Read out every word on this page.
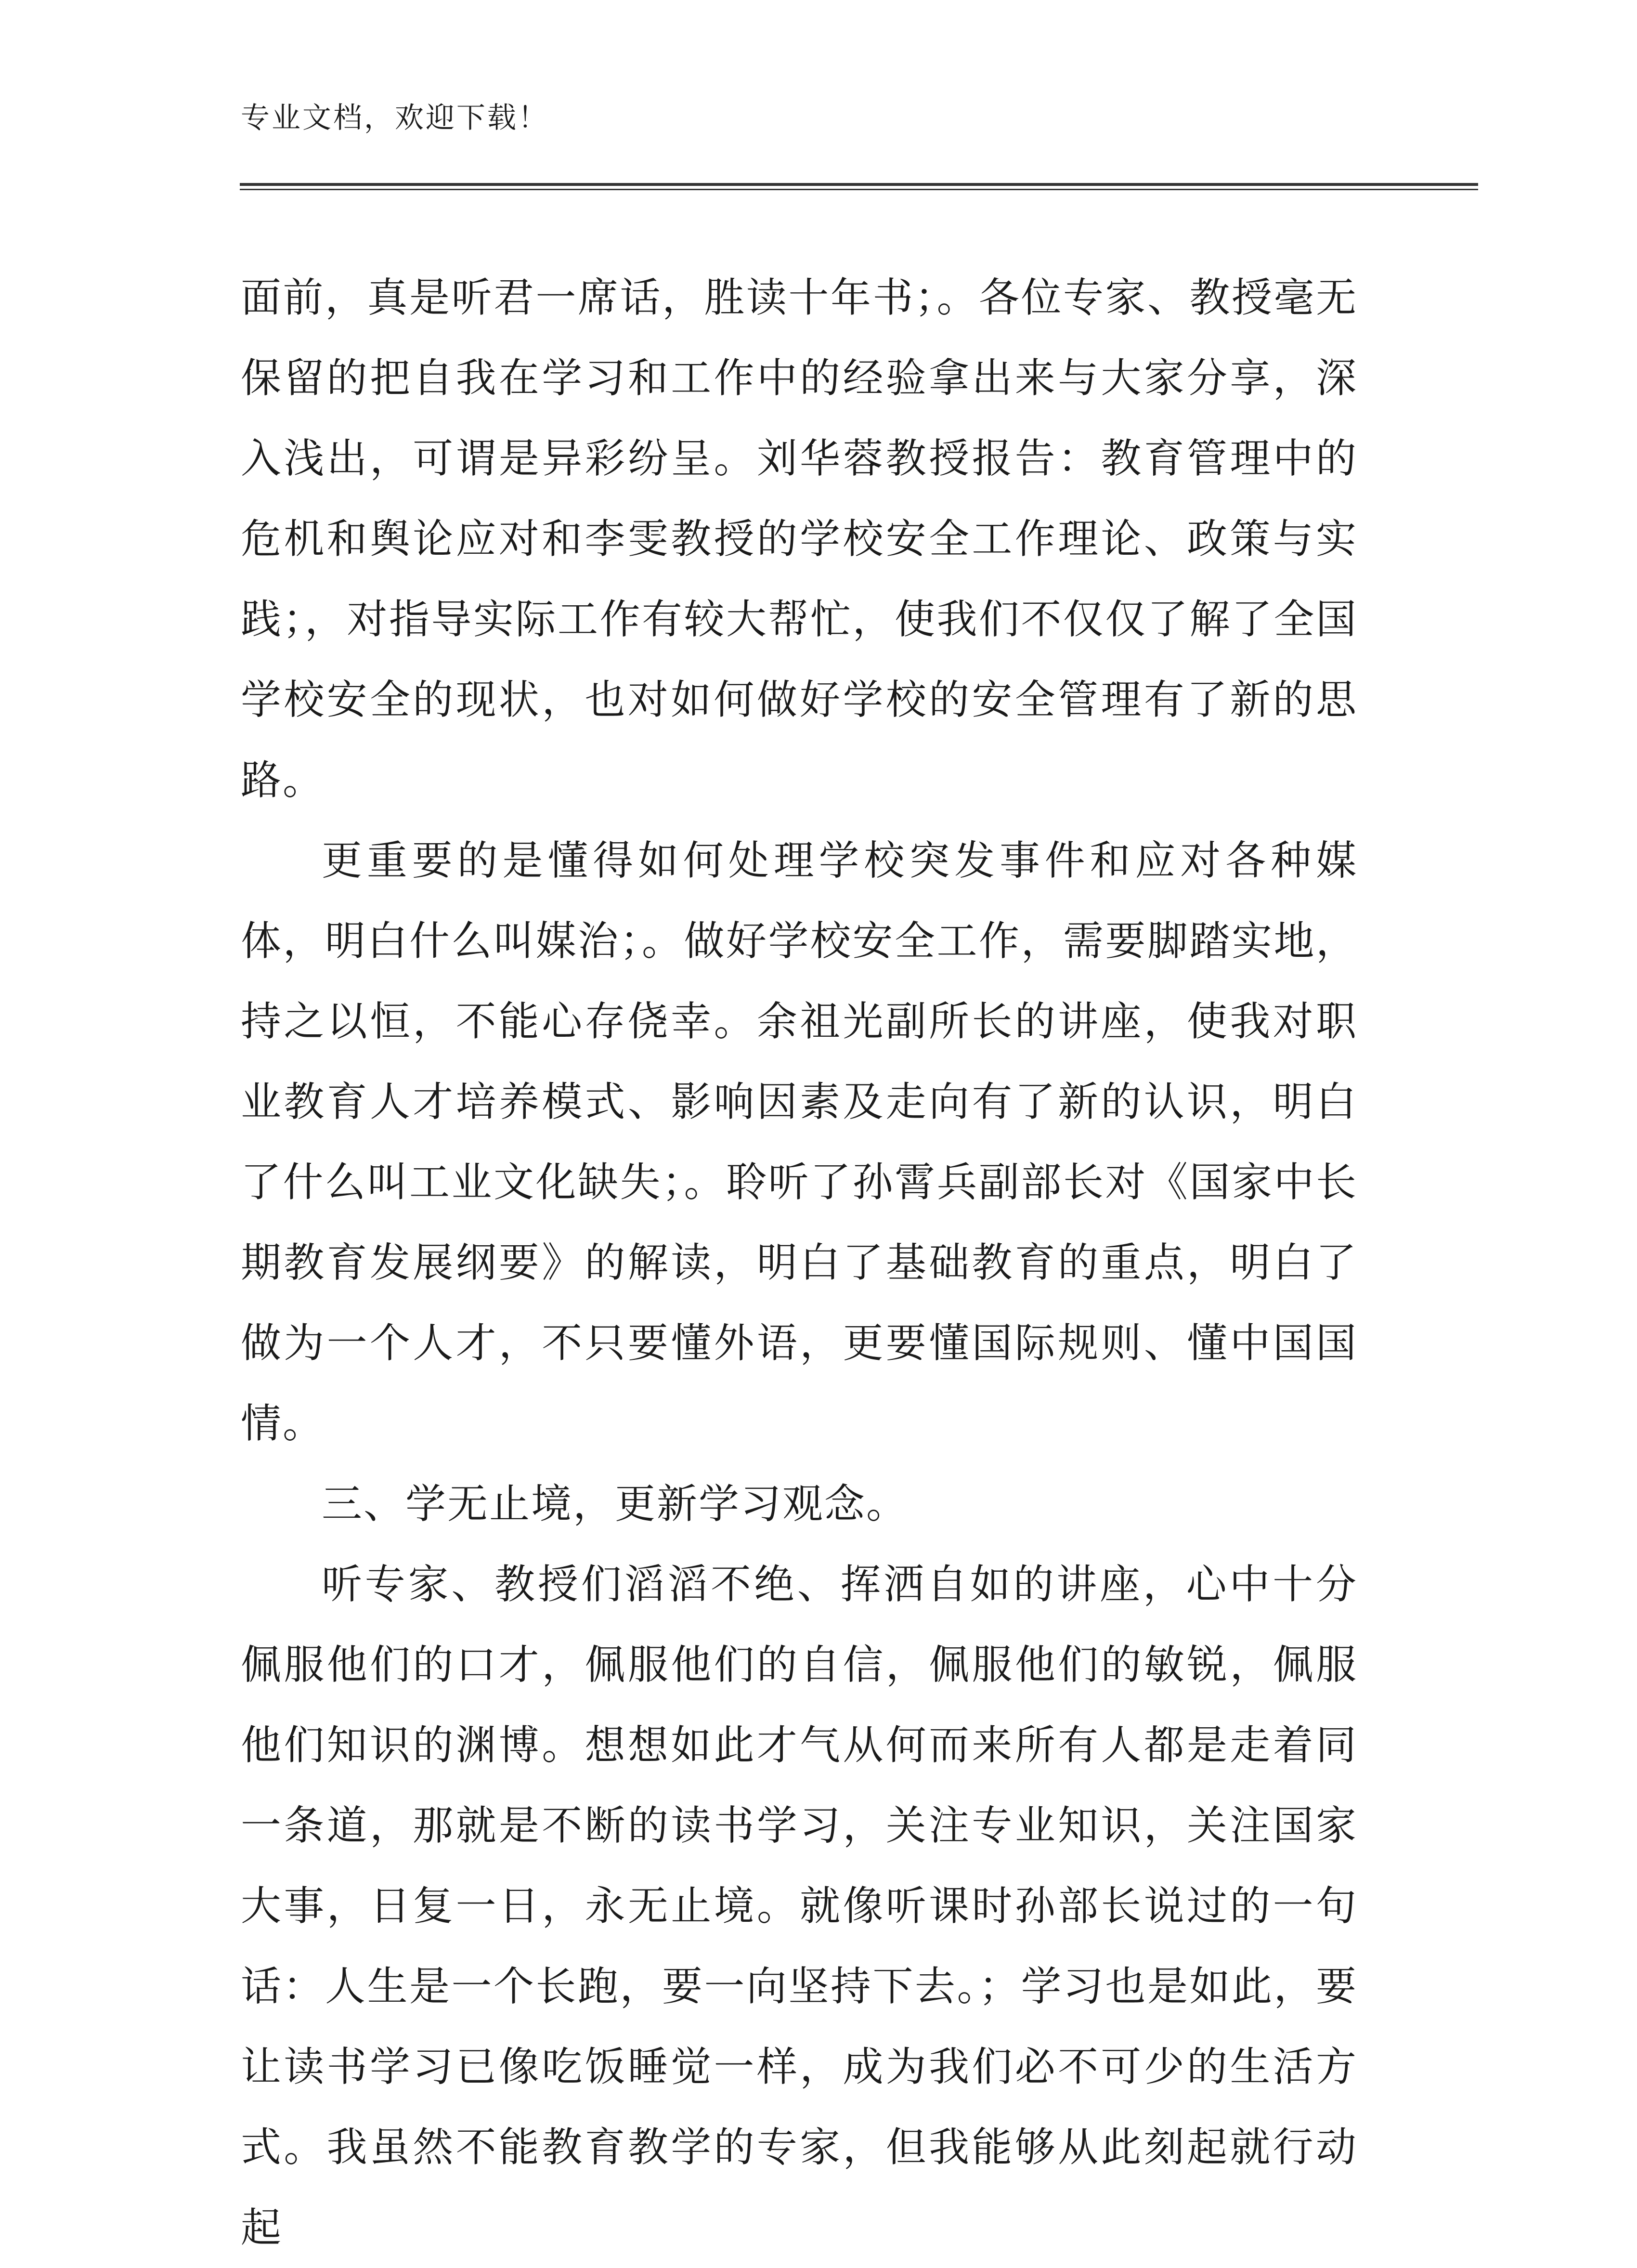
专业文档，欢迎下载！

面前，真是听君一席话，胜读十年书；。各位专家、教授毫无保留的把自我在学习和工作中的经验拿出来与大家分享，深入浅出，可谓是异彩纷呈。刘华蓉教授报告：教育管理中的危机和舆论应对和李雯教授的学校安全工作理论、政策与实践；，对指导实际工作有较大帮忙，使我们不仅仅了解了全国学校安全的现状，也对如何做好学校的安全管理有了新的思路。

更重要的是懂得如何处理学校突发事件和应对各种媒体，明白什么叫媒治；。做好学校安全工作，需要脚踏实地，持之以恒，不能心存侥幸。余祖光副所长的讲座，使我对职业教育人才培养模式、影响因素及走向有了新的认识，明白了什么叫工业文化缺失；。聆听了孙霄兵副部长对《国家中长期教育发展纲要》的解读，明白了基础教育的重点，明白了做为一个人才，不只要懂外语，更要懂国际规则、懂中国国情。

三、学无止境，更新学习观念。

听专家、教授们滔滔不绝、挥洒自如的讲座，心中十分佩服他们的口才，佩服他们的自信，佩服他们的敏锐，佩服他们知识的渊博。想想如此才气从何而来所有人都是走着同一条道，那就是不断的读书学习，关注专业知识，关注国家大事，日复一日，永无止境。就像听课时孙部长说过的一句话：人生是一个长跑，要一向坚持下去。；学习也是如此，要让读书学习已像吃饭睡觉一样，成为我们必不可少的生活方式。我虽然不能教育教学的专家，但我能够从此刻起就行动起
